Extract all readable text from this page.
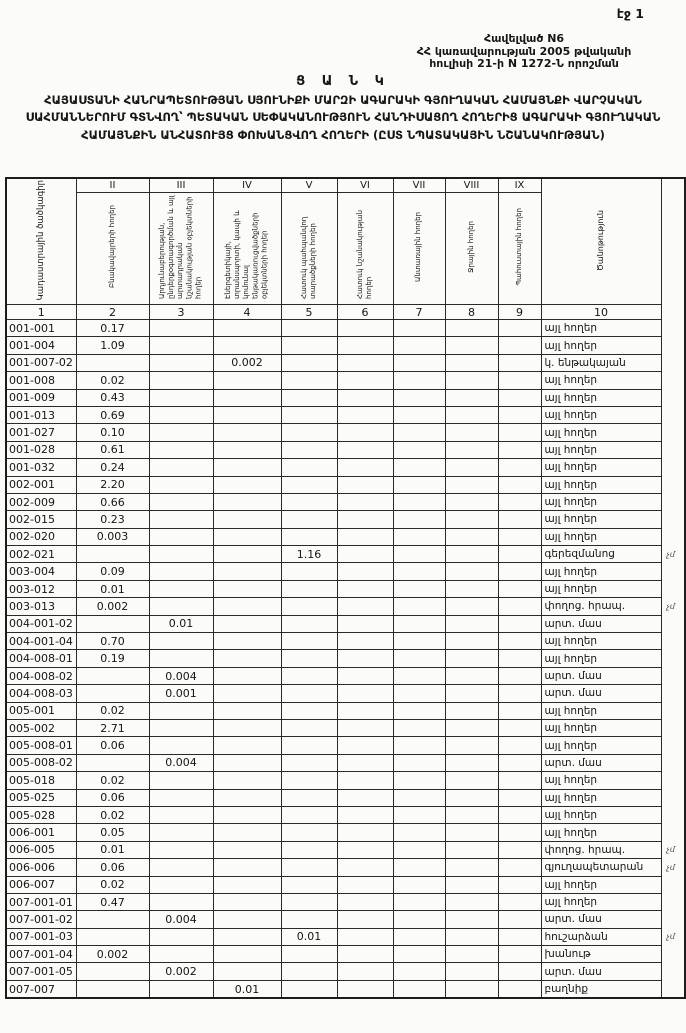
էջ 1
Հավելված N6
ՀՀ կառավարության 2005 թվականի
հուլիսի 21-ի N 1272-Ն որոշման
Ց Ա Ն Կ
ՀԱՅԱՍՏԱՆԻ ՀԱՆՐԱՊԵՏՈՒԹՅԱՆ ՍՅՈՒՆԻՔԻ ՄԱՐԶԻ ԱԳԱՐԱԿԻ ԳՅՈՒՂԱԿԱՆ ՀԱՄԱՅՆՔԻ ՎԱՐՉԱԿԱՆ ՍԱՀՄԱՆՆԵՐՈՒՄ ԳՏՆՎՈՂ՝ ՊԵՏԱԿԱՆ ՍԵՓԱԿԱՆՈՒԹՅՈՒՆ ՀԱՆԴԻՍԱՑՈՂ ՀՈՂԵՐԻՑ ԱԳԱՐԱԿԻ ԳՅՈՒՂԱԿԱՆ ՀԱՄԱՅՆՔԻՆ ԱՆՀԱՏՈՒՅՑ ՓՈԽԱՆՑՎՈՂ ՀՈՂԵՐԻ (ԸՍՏ ՆՊԱՏԱԿԱՅԻՆ ՆՇԱՆԱԿՈՒԹՅԱՆ)
Կադաստրային ծածկագիր	II	III	IV	V	VI	VII	VIII	IX	Ծանոթություն	
	Բնակավայրերի հողեր	Արդյունաբերության, ընդերքօգտագործման և այլ արտադրական նշանակության օբյեկտների հողեր	Էներգետիկայի, տրանսպորտի, կապի և կոմունալ ենթակառուցվածքների օբյեկտների հողեր	Հատուկ պահպանվող տարածքների հողեր	Հատուկ նշանակության հողեր	Անտառային հողեր	Ջրային հողեր	Պահուստային հողեր		
1	2	3	4	5	6	7	8	9	10	
001-001	0.17								այլ հողեր	
001-004	1.09								այլ հողեր	
001-007-02			0.002						կ. ենթակայան	
001-008	0.02								այլ հողեր	
001-009	0.43								այլ հողեր	
001-013	0.69								այլ հողեր	
001-027	0.10								այլ հողեր	
001-028	0.61								այլ հողեր	
001-032	0.24								այլ հողեր	
002-001	2.20								այլ հողեր	
002-009	0.66								այլ հողեր	
002-015	0.23								այլ հողեր	
002-020	0.003								այլ հողեր	
002-021				1.16					գերեզմանոց	չմ
003-004	0.09								այլ հողեր	
003-012	0.01								այլ հողեր	
003-013	0.002								փողոց. հրապ.	չմ
004-001-02		0.01							արտ. մաս	
004-001-04	0.70								այլ հողեր	
004-008-01	0.19								այլ հողեր	
004-008-02		0.004							արտ. մաս	
004-008-03		0.001							արտ. մաս	
005-001	0.02								այլ հողեր	
005-002	2.71								այլ հողեր	
005-008-01	0.06								այլ հողեր	
005-008-02		0.004							արտ. մաս	
005-018	0.02								այլ հողեր	
005-025	0.06								այլ հողեր	
005-028	0.02								այլ հողեր	
006-001	0.05								այլ հողեր	
006-005	0.01								փողոց. հրապ.	չմ
006-006	0.06								գյուղապետարան	չմ
006-007	0.02								այլ հողեր	
007-001-01	0.47								այլ հողեր	
007-001-02		0.004							արտ. մաս	
007-001-03				0.01					հուշարձան	չմ
007-001-04	0.002								խանութ	
007-001-05		0.002							արտ. մաս	
007-007			0.01						բաղնիք	
